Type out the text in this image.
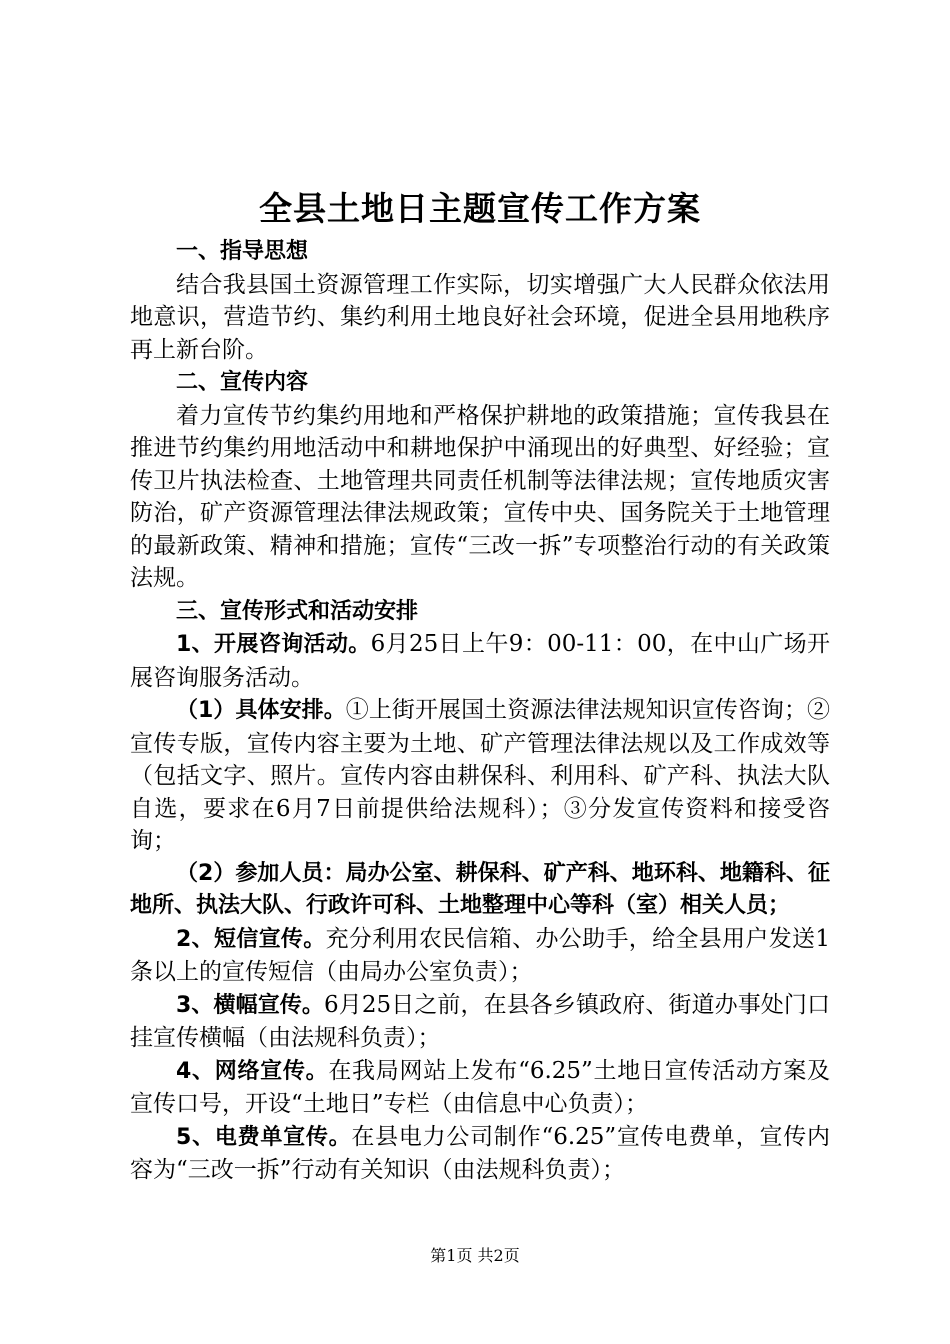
全县土地日主题宣传工作方案

一、指导思想

结合我县国土资源管理工作实际，切实增强广大人民群众依法用地意识，营造节约、集约利用土地良好社会环境，促进全县用地秩序再上新台阶。

二、宣传内容

着力宣传节约集约用地和严格保护耕地的政策措施；宣传我县在推进节约集约用地活动中和耕地保护中涌现出的好典型、好经验；宣传卫片执法检查、土地管理共同责任机制等法律法规；宣传地质灾害防治，矿产资源管理法律法规政策；宣传中央、国务院关于土地管理的最新政策、精神和措施；宣传“三改一拆”专项整治行动的有关政策法规。

三、宣传形式和活动安排

1、开展咨询活动。6月25日上午9：00-11：00，在中山广场开展咨询服务活动。

（1）具体安排。①上街开展国土资源法律法规知识宣传咨询；②宣传专版，宣传内容主要为土地、矿产管理法律法规以及工作成效等（包括文字、照片。宣传内容由耕保科、利用科、矿产科、执法大队自选，要求在6月7日前提供给法规科）；③分发宣传资料和接受咨询；

（2）参加人员：局办公室、耕保科、矿产科、地环科、地籍科、征地所、执法大队、行政许可科、土地整理中心等科（室）相关人员；

2、短信宣传。充分利用农民信箱、办公助手，给全县用户发送1条以上的宣传短信（由局办公室负责）；

3、横幅宣传。6月25日之前，在县各乡镇政府、街道办事处门口挂宣传横幅（由法规科负责）；

4、网络宣传。在我局网站上发布“6.25”土地日宣传活动方案及宣传口号，开设“土地日”专栏（由信息中心负责）；

5、电费单宣传。在县电力公司制作“6.25”宣传电费单，宣传内容为“三改一拆”行动有关知识（由法规科负责）；

第1页 共2页
